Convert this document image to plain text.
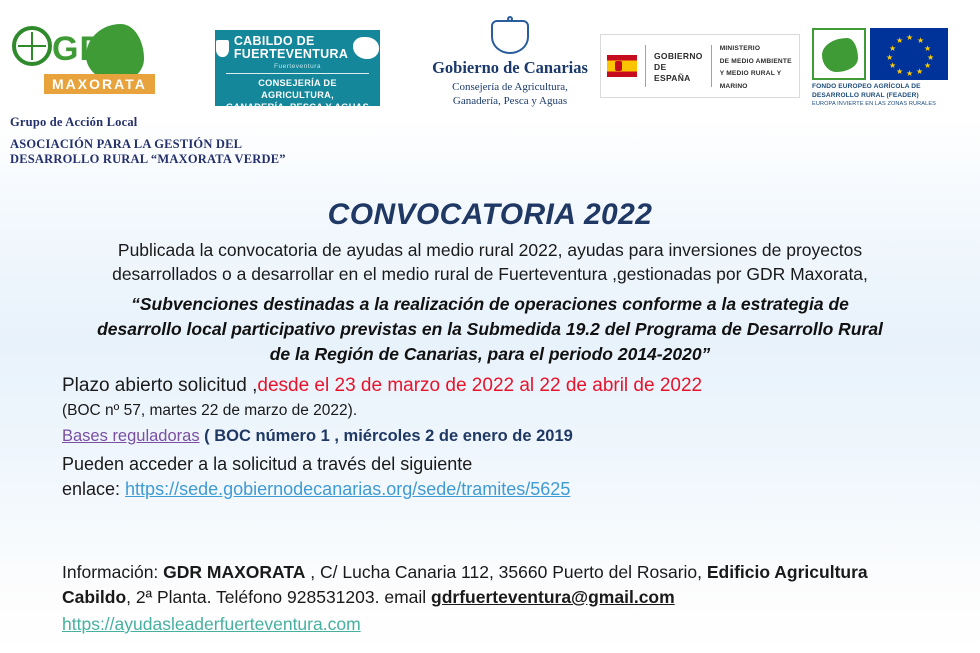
GDR
MAXORATA
CABILDO DE
FUERTEVENTURA
Fuerteventura
CONSEJERÍA DE AGRICULTURA,
GANADERÍA, PESCA Y AGUAS
Gobierno de Canarias
Consejería de Agricultura,
Ganadería, Pesca y Aguas
GOBIERNO
DE ESPAÑA
MINISTERIO
DE MEDIO AMBIENTE
Y MEDIO RURAL Y MARINO
★ ★
★
★
★
★
★
★
★
★
★
★
FONDO EUROPEO AGRÍCOLA DE
DESARROLLO RURAL (FEADER)
EUROPA INVIERTE EN LAS ZONAS RURALES
Grupo de Acción Local
ASOCIACIÓN PARA LA GESTIÓN DEL
DESARROLLO RURAL “MAXORATA VERDE”
CONVOCATORIA 2022
Publicada la convocatoria de ayudas al medio rural 2022, ayudas para inversiones de proyectos
desarrollados o a desarrollar en el medio rural de Fuerteventura ,gestionadas por GDR Maxorata,
“Subvenciones destinadas a la realización de operaciones conforme a la estrategia de
desarrollo local participativo previstas en la Submedida 19.2 del Programa de Desarrollo Rural
de la Región de Canarias, para el periodo 2014-2020”
Plazo abierto solicitud ,desde el 23 de marzo de 2022 al 22 de abril de 2022
(BOC nº 57, martes 22 de marzo de 2022).
Bases reguladoras ( BOC número 1 , miércoles 2 de enero de 2019
Pueden acceder a la solicitud a través del siguiente
enlace: https://sede.gobiernodecanarias.org/sede/tramites/5625
Información: GDR MAXORATA , C/ Lucha Canaria 112, 35660 Puerto del Rosario, Edificio Agricultura
Cabildo, 2ª Planta. Teléfono 928531203. email gdrfuerteventura@gmail.com
https://ayudasleaderfuerteventura.com
